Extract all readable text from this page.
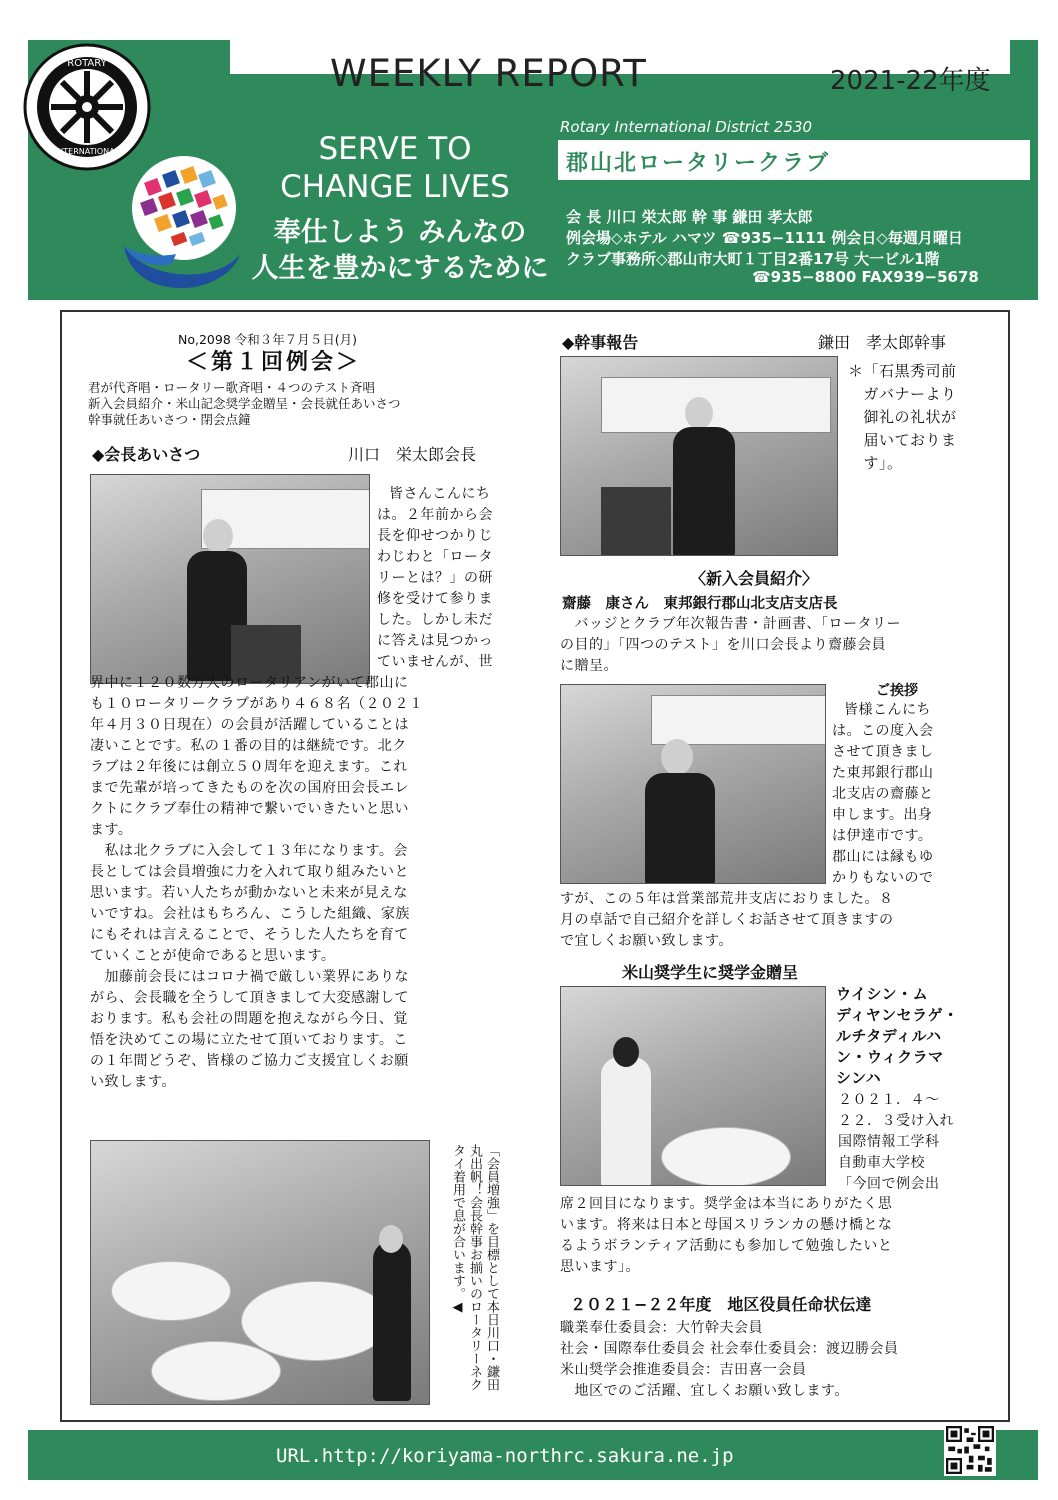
WEEKLY REPORT	2021-22年度
ROTARY
INTERNATIONAL	SERVE TO
CHANGE LIVES
奉仕しよう みんなの
人生を豊かにするために
Rotary International District 2530
郡山北ロータリークラブ
会 長 川口 栄太郎 幹 事 鎌田 孝太郎
例会場◇ホテル ハマツ ☎935−1111 例会日◇毎週月曜日
クラブ事務所◇郡山市大町１丁目2番17号 大一ビル1階
☎935−8800 FAX939−5678
No,2098 令和３年７月５日(月)
＜第１回例会＞
君が代斉唱・ロータリー歌斉唱・４つのテスト斉唱
新入会員紹介・米山記念奨学金贈呈・会長就任あいさつ
幹事就任あいさつ・閉会点鐘
◆会長あいさつ	川口　栄太郎会長

皆さんこんにち

は。２年前から会

長を仰せつかりじ

わじわと「ロータ

リーとは？」の研

修を受けて参りま

した。しかし未だ

に答えは見つかっ

ていませんが、世

界中に１２０数万人のロータリアンがいて郡山に

も１０ロータリークラブがあり４６８名（２０２１

年４月３０日現在）の会員が活躍していることは

凄いことです。私の１番の目的は継続です。北ク

ラブは２年後には創立５０周年を迎えます。これ

まで先輩が培ってきたものを次の国府田会長エレ

クトにクラブ奉仕の精神で繋いでいきたいと思い

ます。

　私は北クラブに入会して１３年になります。会

長としては会員増強に力を入れて取り組みたいと

思います。若い人たちが動かないと未来が見えな

いですね。会社はもちろん、こうした組織、家族

にもそれは言えることで、そうした人たちを育て

ていくことが使命であると思います。

　加藤前会長にはコロナ禍で厳しい業界にありな

がら、会長職を全うして頂きまして大変感謝して

おります。私も会社の問題を抱えながら今日、覚

悟を決めてこの場に立たせて頂いております。こ

の１年間どうぞ、皆様のご協力ご支援宜しくお願

い致します。

「会員増強」を目標として本日川口・鎌田丸出帆！会長幹事お揃いのロータリーネクタイ着用で息が合います。◀
◆幹事報告	鎌田　孝太郎幹事

＊「石黒秀司前

　ガバナーより

　御礼の礼状が

　届いておりま

　す」。

〈新入会員紹介〉
齋藤　康さん　東邦銀行郡山北支店支店長

　バッジとクラブ年次報告書・計画書、「ロータリー

の目的」「四つのテスト」を川口会長より齋藤会員

に贈呈。

ご挨拶

皆様こんにち

は。この度入会

させて頂きまし

た東邦銀行郡山

北支店の齋藤と

申します。出身

は伊達市です。

郡山には縁もゆ

かりもないので

すが、この５年は営業部荒井支店におりました。８

月の卓話で自己紹介を詳しくお話させて頂きますの

で宜しくお願い致します。

米山奨学生に奨学金贈呈

ウイシン・ム

ディヤンセラゲ・

ルチタディルハ

ン・ウィクラマ

シンハ

２０２１．４～

２２．３受け入れ

国際情報工学科

自動車大学校

「今回で例会出

席２回目になります。奨学金は本当にありがたく思

います。将来は日本と母国スリランカの懸け橋とな

るようボランティア活動にも参加して勉強したいと

思います」。

２０２１−２２年度　地区役員任命状伝達

職業奉仕委員会：大竹幹夫会員

社会・国際奉仕委員会 社会奉仕委員会：渡辺勝会員

米山奨学会推進委員会：吉田喜一会員

　地区でのご活躍、宜しくお願い致します。

URL.http://koriyama-northrc.sakura.ne.jp
